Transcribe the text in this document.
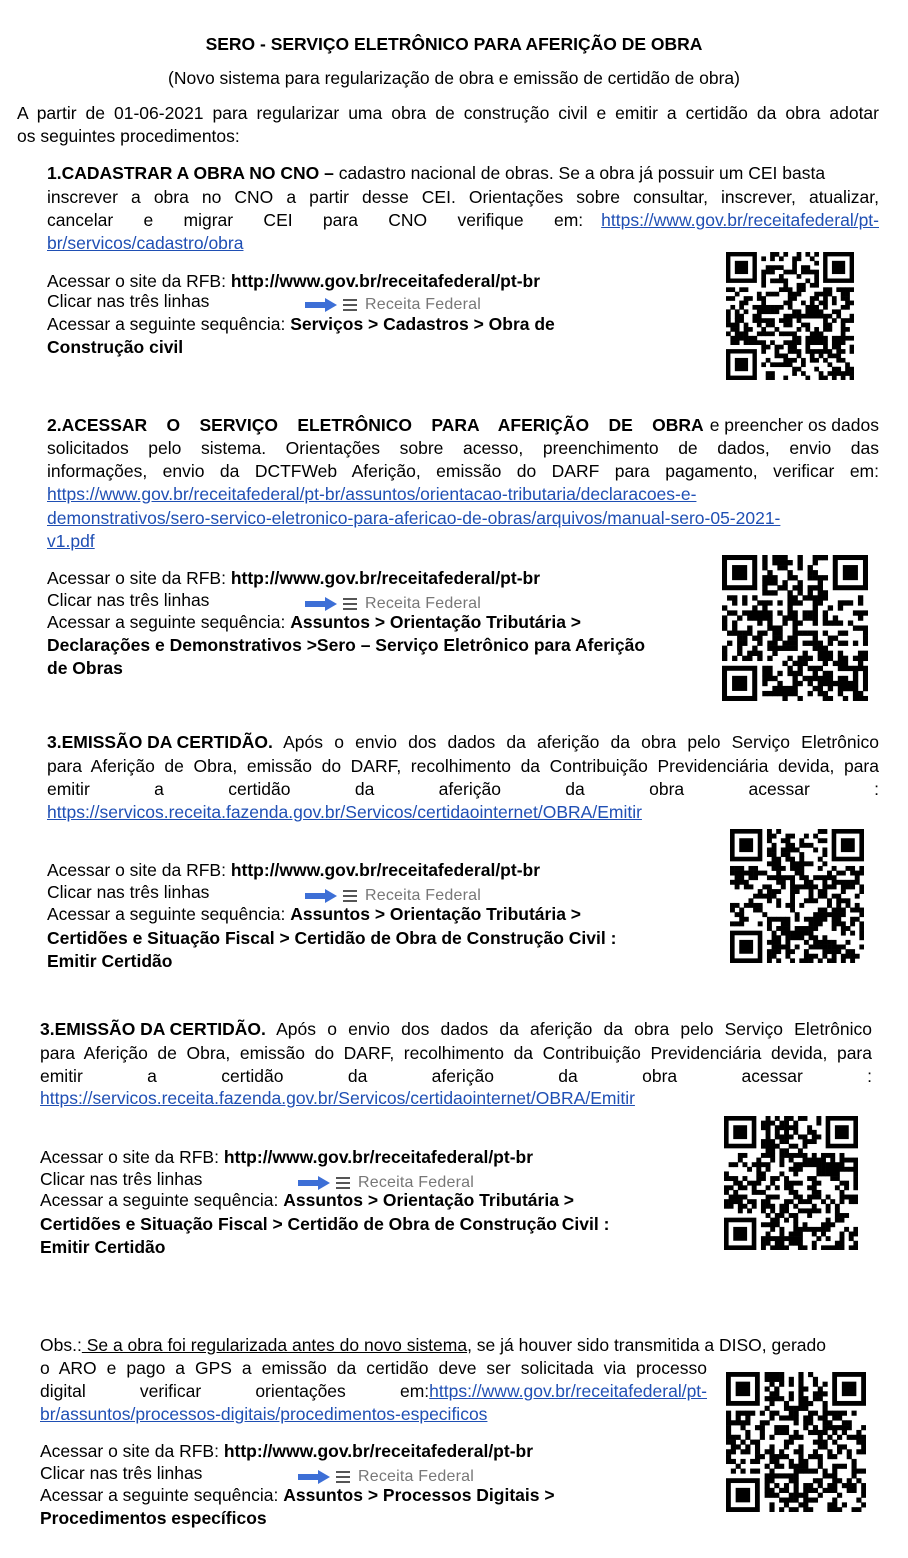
SERO - SERVIÇO ELETRÔNICO PARA AFERIÇÃO DE OBRA
(Novo sistema para regularização de obra e emissão de certidão de obra)
A partir de 01-06-2021 para regularizar uma obra de construção civil e emitir a certidão da obra adotar
os seguintes procedimentos:
1.CADASTRAR A OBRA NO CNO – cadastro nacional de obras. Se a obra já possuir um CEI basta
inscrever a obra no CNO a partir desse CEI. Orientações sobre consultar, inscrever, atualizar,
cancelar e migrar CEI para CNO verifique em: https://www.gov.br/receitafederal/pt-
br/servicos/cadastro/obra
Acessar o site da RFB: http://www.gov.br/receitafederal/pt-br
Clicar nas três linhas	Receita Federal
Acessar a seguinte sequência: Serviços > Cadastros > Obra de
Construção civil
2.ACESSAR O SERVIÇO ELETRÔNICO PARA AFERIÇÃO DE OBRA e preencher os dados
solicitados pelo sistema. Orientações sobre acesso, preenchimento de dados, envio das
informações, envio da DCTFWeb Aferição, emissão do DARF para pagamento, verificar em:
https://www.gov.br/receitafederal/pt-br/assuntos/orientacao-tributaria/declaracoes-e-
demonstrativos/sero-servico-eletronico-para-afericao-de-obras/arquivos/manual-sero-05-2021-
v1.pdf
Acessar o site da RFB: http://www.gov.br/receitafederal/pt-br
Clicar nas três linhas	Receita Federal
Acessar a seguinte sequência: Assuntos > Orientação Tributária >
Declarações e Demonstrativos >Sero – Serviço Eletrônico para Aferição
de Obras
3.EMISSÃO DA CERTIDÃO. Após o envio dos dados da aferição da obra pelo Serviço Eletrônico
para Aferição de Obra, emissão do DARF, recolhimento da Contribuição Previdenciária devida, para
emitir a certidão da aferição da obra acessar :
https://servicos.receita.fazenda.gov.br/Servicos/certidaointernet/OBRA/Emitir
Acessar o site da RFB: http://www.gov.br/receitafederal/pt-br
Clicar nas três linhas	Receita Federal
Acessar a seguinte sequência: Assuntos > Orientação Tributária >
Certidões e Situação Fiscal > Certidão de Obra de Construção Civil :
Emitir Certidão
3.EMISSÃO DA CERTIDÃO. Após o envio dos dados da aferição da obra pelo Serviço Eletrônico
para Aferição de Obra, emissão do DARF, recolhimento da Contribuição Previdenciária devida, para
emitir a certidão da aferição da obra acessar :
https://servicos.receita.fazenda.gov.br/Servicos/certidaointernet/OBRA/Emitir
Acessar o site da RFB: http://www.gov.br/receitafederal/pt-br
Clicar nas três linhas	Receita Federal
Acessar a seguinte sequência: Assuntos > Orientação Tributária >
Certidões e Situação Fiscal > Certidão de Obra de Construção Civil :
Emitir Certidão
Obs.: Se a obra foi regularizada antes do novo sistema, se já houver sido transmitida a DISO, gerado
o ARO e pago a GPS a emissão da certidão deve ser solicitada via processo
digital verificar orientações em: https://www.gov.br/receitafederal/pt-
br/assuntos/processos-digitais/procedimentos-especificos
Acessar o site da RFB: http://www.gov.br/receitafederal/pt-br
Clicar nas três linhas	Receita Federal
Acessar a seguinte sequência: Assuntos > Processos Digitais >
Procedimentos específicos
